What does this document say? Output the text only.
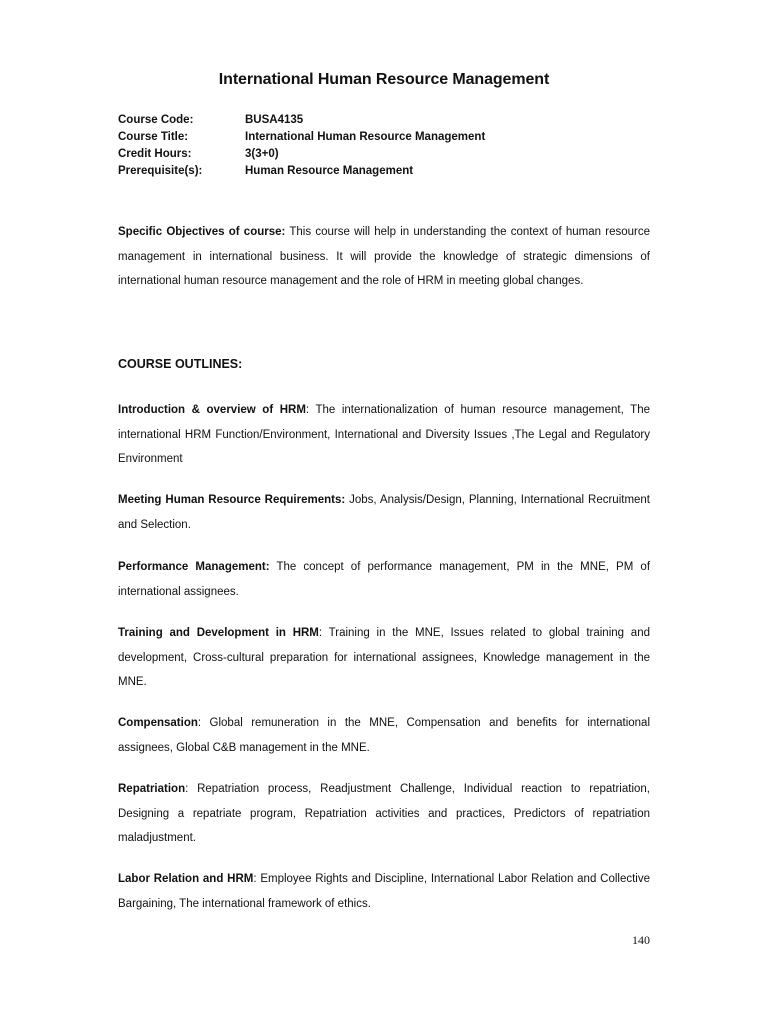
International Human Resource Management
Course Code:	BUSA4135
Course Title:	International Human Resource Management
Credit Hours:	3(3+0)
Prerequisite(s):	Human Resource Management
Specific Objectives of course: This course will help in understanding the context of human resource management in international business. It will provide the knowledge of strategic dimensions of international human resource management and the role of HRM in meeting global changes.
COURSE OUTLINES:
Introduction & overview of HRM: The internationalization of human resource management, The international HRM Function/Environment, International and Diversity Issues ,The Legal and Regulatory Environment
Meeting Human Resource Requirements: Jobs, Analysis/Design, Planning, International Recruitment and Selection.
Performance Management: The concept of performance management, PM in the MNE, PM of international assignees.
Training and Development in HRM: Training in the MNE, Issues related to global training and development, Cross-cultural preparation for international assignees, Knowledge management in the MNE.
Compensation: Global remuneration in the MNE, Compensation and benefits for international assignees, Global C&B management in the MNE.
Repatriation: Repatriation process, Readjustment Challenge, Individual reaction to repatriation, Designing a repatriate program, Repatriation activities and practices, Predictors of repatriation maladjustment.
Labor Relation and HRM: Employee Rights and Discipline, International Labor Relation and Collective Bargaining, The international framework of ethics.
140
